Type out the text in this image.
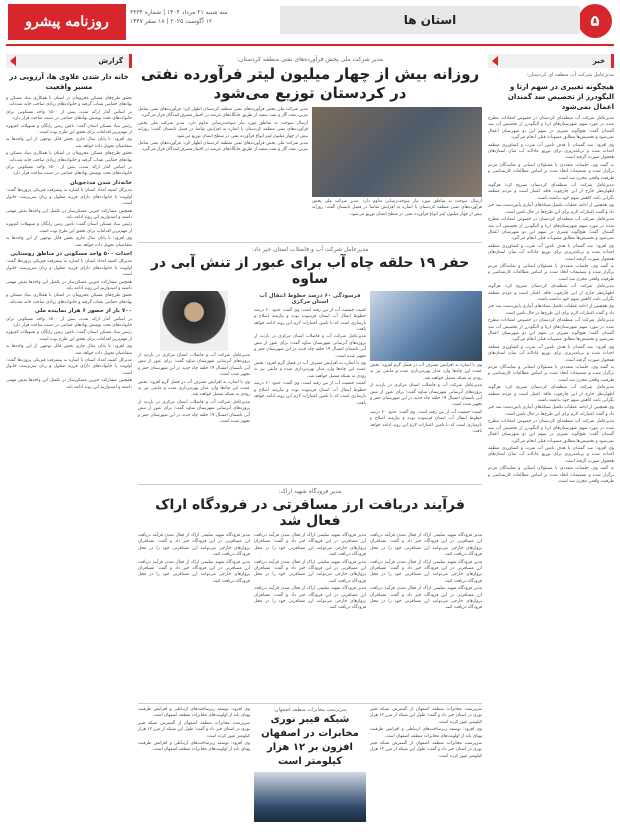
۵
استان ها
سه شنبه ۲۱ مرداد ۱۴۰۴ | شماره ۳۳۳۴
۱۲ آگوست ۲۰۲۵ | ۱۸ صفر ۱۴۴۷
روزنامه پیشرو
خبر
مدیرعامل شرکت آب منطقه ای کردستان:
هیچگونه تغییری در سهم ارتا و الیگودرز از تخصیص سد گمندان اعمال نمی‌شود

مدیرعامل شرکت آب منطقه‌ای کردستان در خصوص انتقادات مطرح شده در مورد سهم شهرستان‌های ارتا و الیگودرز از تخصیص آب سد گمندان گفت: هیچ‌گونه تغییری در سهم این دو شهرستان اعمال نمی‌شود و تخصیص‌ها مطابق مصوبات قبلی انجام می‌گیرد.

وی افزود: سد گمندان با هدف تامین آب شرب و کشاورزی منطقه احداث شده و برنامه‌ریزی برای توزیع عادلانه آب میان استان‌های همجوار صورت گرفته است.

به گفته وی، جلسات متعددی با مسئولان استانی و نمایندگان مردم برگزار شده و تصمیمات اتخاذ شده بر اساس مطالعات کارشناسی و ظرفیت واقعی مخزن سد است.

مدیرعامل شرکت آب منطقه‌ای کردستان تصریح کرد: هرگونه اظهارنظر خارج از این چارچوب فاقد اعتبار است و مردم منطقه نگرانی بابت کاهش سهم خود نداشته باشند.

وی همچنین از ادامه عملیات تکمیل شبکه‌های آبیاری پایین‌دست سد خبر داد و گفت اعتبارات لازم برای این طرح‌ها در حال تامین است.

مدیرعامل شرکت آب منطقه‌ای کردستان در خصوص انتقادات مطرح شده در مورد سهم شهرستان‌های ارتا و الیگودرز از تخصیص آب سد گمندان گفت: هیچ‌گونه تغییری در سهم این دو شهرستان اعمال نمی‌شود و تخصیص‌ها مطابق مصوبات قبلی انجام می‌گیرد.

وی افزود: سد گمندان با هدف تامین آب شرب و کشاورزی منطقه احداث شده و برنامه‌ریزی برای توزیع عادلانه آب میان استان‌های همجوار صورت گرفته است.

به گفته وی، جلسات متعددی با مسئولان استانی و نمایندگان مردم برگزار شده و تصمیمات اتخاذ شده بر اساس مطالعات کارشناسی و ظرفیت واقعی مخزن سد است.

مدیرعامل شرکت آب منطقه‌ای کردستان تصریح کرد: هرگونه اظهارنظر خارج از این چارچوب فاقد اعتبار است و مردم منطقه نگرانی بابت کاهش سهم خود نداشته باشند.

وی همچنین از ادامه عملیات تکمیل شبکه‌های آبیاری پایین‌دست سد خبر داد و گفت اعتبارات لازم برای این طرح‌ها در حال تامین است.

مدیرعامل شرکت آب منطقه‌ای کردستان در خصوص انتقادات مطرح شده در مورد سهم شهرستان‌های ارتا و الیگودرز از تخصیص آب سد گمندان گفت: هیچ‌گونه تغییری در سهم این دو شهرستان اعمال نمی‌شود و تخصیص‌ها مطابق مصوبات قبلی انجام می‌گیرد.

وی افزود: سد گمندان با هدف تامین آب شرب و کشاورزی منطقه احداث شده و برنامه‌ریزی برای توزیع عادلانه آب میان استان‌های همجوار صورت گرفته است.

به گفته وی، جلسات متعددی با مسئولان استانی و نمایندگان مردم برگزار شده و تصمیمات اتخاذ شده بر اساس مطالعات کارشناسی و ظرفیت واقعی مخزن سد است.

مدیرعامل شرکت آب منطقه‌ای کردستان تصریح کرد: هرگونه اظهارنظر خارج از این چارچوب فاقد اعتبار است و مردم منطقه نگرانی بابت کاهش سهم خود نداشته باشند.

وی همچنین از ادامه عملیات تکمیل شبکه‌های آبیاری پایین‌دست سد خبر داد و گفت اعتبارات لازم برای این طرح‌ها در حال تامین است.

مدیرعامل شرکت آب منطقه‌ای کردستان در خصوص انتقادات مطرح شده در مورد سهم شهرستان‌های ارتا و الیگودرز از تخصیص آب سد گمندان گفت: هیچ‌گونه تغییری در سهم این دو شهرستان اعمال نمی‌شود و تخصیص‌ها مطابق مصوبات قبلی انجام می‌گیرد.

وی افزود: سد گمندان با هدف تامین آب شرب و کشاورزی منطقه احداث شده و برنامه‌ریزی برای توزیع عادلانه آب میان استان‌های همجوار صورت گرفته است.

به گفته وی، جلسات متعددی با مسئولان استانی و نمایندگان مردم برگزار شده و تصمیمات اتخاذ شده بر اساس مطالعات کارشناسی و ظرفیت واقعی مخزن سد است.

مدیر شرکت ملی پخش فرآورده‌های نفتی منطقه کردستان:
روزانه بیش از چهار میلیون لیتر فرآورده نفتی در کردستان توزیع می‌شود
ارسال سوخت به مناطق مورد نیاز سوخت‌رسانی تداوم دارد. مدیر شرکت ملی پخش فرآورده‌های نفتی منطقه کردستان با اشاره به افزایش تقاضا در فصل تابستان گفت: روزانه بیش از چهار میلیون لیتر انواع فرآورده نفتی در سطح استان توزیع می‌شود.

مدیر شرکت ملی پخش فرآورده‌های نفتی منطقه کردستان اظهار کرد: فرآورده‌های نفتی شامل بنزین، نفت گاز و نفت سفید از طریق جایگاه‌های عرضه در اختیار مصرف‌کنندگان قرار می‌گیرد.

ارسال سوخت به مناطق مورد نیاز سوخت‌رسانی تداوم دارد. مدیر شرکت ملی پخش فرآورده‌های نفتی منطقه کردستان با اشاره به افزایش تقاضا در فصل تابستان گفت: روزانه بیش از چهار میلیون لیتر انواع فرآورده نفتی در سطح استان توزیع می‌شود.

مدیر شرکت ملی پخش فرآورده‌های نفتی منطقه کردستان اظهار کرد: فرآورده‌های نفتی شامل بنزین، نفت گاز و نفت سفید از طریق جایگاه‌های عرضه در اختیار مصرف‌کنندگان قرار می‌گیرد.

مدیرعامل شرکت آب و فاضلاب استان خبر داد:
حفر ۱۹ حلقه چاه آب برای عبور از تنش آبی در ساوه

وی با اشاره به افزایش مصرف آب در فصل گرم افزود: بخش عمده این چاه‌ها وارد مدار بهره‌برداری شده و مابقی نیز به زودی به شبکه متصل خواهند شد.

مدیرعامل شرکت آب و فاضلاب استان مرکزی در بازدید از پروژه‌های آبرسانی شهرستان ساوه گفت: برای عبور از تنش آبی تابستان امسال ۱۹ حلقه چاه جدید در این شهرستان حفر و تجهیز شده است.

کمیت جمعیت آب از بین رفته است. وی گفت: حدود ۶۰ درصد خطوط انتقال آب استان فرسوده بوده و نیازمند اصلاح و بازسازی است که با تامین اعتبارات لازم این روند ادامه خواهد یافت.

فرسودگی ۶۰ درصد خطوط انتقال آب استان مرکزی

کمیت جمعیت آب از بین رفته است. وی گفت: حدود ۶۰ درصد خطوط انتقال آب استان فرسوده بوده و نیازمند اصلاح و بازسازی است که با تامین اعتبارات لازم این روند ادامه خواهد یافت.

مدیرعامل شرکت آب و فاضلاب استان مرکزی در بازدید از پروژه‌های آبرسانی شهرستان ساوه گفت: برای عبور از تنش آبی تابستان امسال ۱۹ حلقه چاه جدید در این شهرستان حفر و تجهیز شده است.

وی با اشاره به افزایش مصرف آب در فصل گرم افزود: بخش عمده این چاه‌ها وارد مدار بهره‌برداری شده و مابقی نیز به زودی به شبکه متصل خواهند شد.

کمیت جمعیت آب از بین رفته است. وی گفت: حدود ۶۰ درصد خطوط انتقال آب استان فرسوده بوده و نیازمند اصلاح و بازسازی است که با تامین اعتبارات لازم این روند ادامه خواهد یافت.

مدیرعامل شرکت آب و فاضلاب استان مرکزی در بازدید از پروژه‌های آبرسانی شهرستان ساوه گفت: برای عبور از تنش آبی تابستان امسال ۱۹ حلقه چاه جدید در این شهرستان حفر و تجهیز شده است.

وی با اشاره به افزایش مصرف آب در فصل گرم افزود: بخش عمده این چاه‌ها وارد مدار بهره‌برداری شده و مابقی نیز به زودی به شبکه متصل خواهند شد.

مدیرعامل شرکت آب و فاضلاب استان مرکزی در بازدید از پروژه‌های آبرسانی شهرستان ساوه گفت: برای عبور از تنش آبی تابستان امسال ۱۹ حلقه چاه جدید در این شهرستان حفر و تجهیز شده است.

مدیر فرودگاه شهید اراک:
فرآیند دریافت ارز مسافرتی در فرودگاه اراک فعال شد

مدیر فرودگاه شهید سلیمی اراک از فعال شدن فرآیند دریافت ارز مسافرتی در این فرودگاه خبر داد و گفت: مسافران پروازهای خارجی می‌توانند ارز مسافرتی خود را در محل فرودگاه دریافت کنند.

مدیر فرودگاه شهید سلیمی اراک از فعال شدن فرآیند دریافت ارز مسافرتی در این فرودگاه خبر داد و گفت: مسافران پروازهای خارجی می‌توانند ارز مسافرتی خود را در محل فرودگاه دریافت کنند.

مدیر فرودگاه شهید سلیمی اراک از فعال شدن فرآیند دریافت ارز مسافرتی در این فرودگاه خبر داد و گفت: مسافران پروازهای خارجی می‌توانند ارز مسافرتی خود را در محل فرودگاه دریافت کنند.

مدیر فرودگاه شهید سلیمی اراک از فعال شدن فرآیند دریافت ارز مسافرتی در این فرودگاه خبر داد و گفت: مسافران پروازهای خارجی می‌توانند ارز مسافرتی خود را در محل فرودگاه دریافت کنند.

مدیر فرودگاه شهید سلیمی اراک از فعال شدن فرآیند دریافت ارز مسافرتی در این فرودگاه خبر داد و گفت: مسافران پروازهای خارجی می‌توانند ارز مسافرتی خود را در محل فرودگاه دریافت کنند.

مدیر فرودگاه شهید سلیمی اراک از فعال شدن فرآیند دریافت ارز مسافرتی در این فرودگاه خبر داد و گفت: مسافران پروازهای خارجی می‌توانند ارز مسافرتی خود را در محل فرودگاه دریافت کنند.

مدیر فرودگاه شهید سلیمی اراک از فعال شدن فرآیند دریافت ارز مسافرتی در این فرودگاه خبر داد و گفت: مسافران پروازهای خارجی می‌توانند ارز مسافرتی خود را در محل فرودگاه دریافت کنند.

مدیر فرودگاه شهید سلیمی اراک از فعال شدن فرآیند دریافت ارز مسافرتی در این فرودگاه خبر داد و گفت: مسافران پروازهای خارجی می‌توانند ارز مسافرتی خود را در محل فرودگاه دریافت کنند.

گزارش
خانه دار شدن علاوی ها، آرزویی در مسیر واقعیت

تحقق طرح‌های مسکن محرومان در استان با همکاری بنیاد مسکن و نهادهای حمایتی شتاب گرفته و خانواده‌های زیادی صاحب خانه شده‌اند.

بر اساس آمار ارائه شده، بیش از ۱۵۰۰ واحد مسکونی برای خانواده‌های تحت پوشش نهادهای حمایتی در دست ساخت قرار دارد.

رئیس بنیاد مسکن استان گفت: تامین زمین رایگان و تسهیلات کم‌بهره از مهم‌ترین اقدامات برای تحقق این طرح بوده است.

وی افزود: تا پایان سال جاری بخش قابل توجهی از این واحدها به متقاضیان تحویل داده خواهد شد.

تحقق طرح‌های مسکن محرومان در استان با همکاری بنیاد مسکن و نهادهای حمایتی شتاب گرفته و خانواده‌های زیادی صاحب خانه شده‌اند.

بر اساس آمار ارائه شده، بیش از ۱۵۰۰ واحد مسکونی برای خانواده‌های تحت پوشش نهادهای حمایتی در دست ساخت قرار دارد.

خانه‌دار شدن مددجویان

مدیرکل کمیته امداد استان با اشاره به پیشرفت فیزیکی پروژه‌ها گفت: اولویت با خانواده‌های دارای فرزند معلول و زنان سرپرست خانوار است.

همچنین مشارکت خیرین مسکن‌ساز در تکمیل این واحدها نقش مهمی داشته و امیدواریم این روند ادامه یابد.

رئیس بنیاد مسکن استان گفت: تامین زمین رایگان و تسهیلات کم‌بهره از مهم‌ترین اقدامات برای تحقق این طرح بوده است.

وی افزود: تا پایان سال جاری بخش قابل توجهی از این واحدها به متقاضیان تحویل داده خواهد شد.

احداث ۵۰۰ واحد مسکونی در مناطق روستایی

مدیرکل کمیته امداد استان با اشاره به پیشرفت فیزیکی پروژه‌ها گفت: اولویت با خانواده‌های دارای فرزند معلول و زنان سرپرست خانوار است.

همچنین مشارکت خیرین مسکن‌ساز در تکمیل این واحدها نقش مهمی داشته و امیدواریم این روند ادامه یابد.

تحقق طرح‌های مسکن محرومان در استان با همکاری بنیاد مسکن و نهادهای حمایتی شتاب گرفته و خانواده‌های زیادی صاحب خانه شده‌اند.

۷۰۰ بار از حضور ۶ هزار نماینده ملی

بر اساس آمار ارائه شده، بیش از ۱۵۰۰ واحد مسکونی برای خانواده‌های تحت پوشش نهادهای حمایتی در دست ساخت قرار دارد.

رئیس بنیاد مسکن استان گفت: تامین زمین رایگان و تسهیلات کم‌بهره از مهم‌ترین اقدامات برای تحقق این طرح بوده است.

وی افزود: تا پایان سال جاری بخش قابل توجهی از این واحدها به متقاضیان تحویل داده خواهد شد.

مدیرکل کمیته امداد استان با اشاره به پیشرفت فیزیکی پروژه‌ها گفت: اولویت با خانواده‌های دارای فرزند معلول و زنان سرپرست خانوار است.

همچنین مشارکت خیرین مسکن‌ساز در تکمیل این واحدها نقش مهمی داشته و امیدواریم این روند ادامه یابد.

سرپرست مخابرات منطقه اصفهان از گسترش شبکه فیبر نوری در استان خبر داد و گفت: طول این شبکه از مرز ۱۲ هزار کیلومتر عبور کرده است.

وی افزود: توسعه زیرساخت‌های ارتباطی و افزایش ظرفیت پهنای باند از اولویت‌های مخابرات منطقه اصفهان است.

سرپرست مخابرات منطقه اصفهان از گسترش شبکه فیبر نوری در استان خبر داد و گفت: طول این شبکه از مرز ۱۲ هزار کیلومتر عبور کرده است.

سرپرست مخابرات منطقه اصفهان:
شبکه فیبر نوری مخابرات در اصفهان افزون بر ۱۲ هزار کیلومتر است

وی افزود: توسعه زیرساخت‌های ارتباطی و افزایش ظرفیت پهنای باند از اولویت‌های مخابرات منطقه اصفهان است.

سرپرست مخابرات منطقه اصفهان از گسترش شبکه فیبر نوری در استان خبر داد و گفت: طول این شبکه از مرز ۱۲ هزار کیلومتر عبور کرده است.

وی افزود: توسعه زیرساخت‌های ارتباطی و افزایش ظرفیت پهنای باند از اولویت‌های مخابرات منطقه اصفهان است.
